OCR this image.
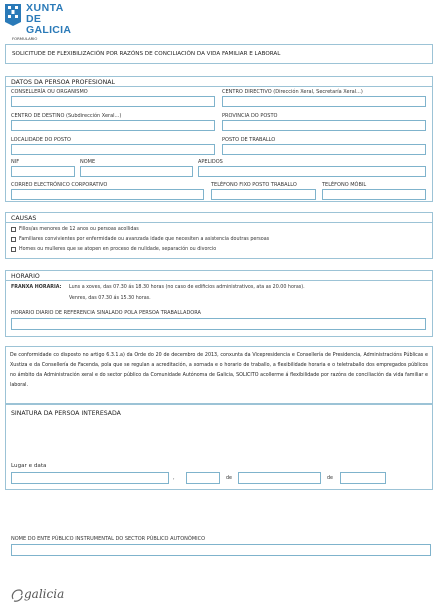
XUNTA
DE GALICIA
FORMULARIO
SOLICITUDE DE FLEXIBILIZACIÓN POR RAZÓNS DE CONCILIACIÓN DA VIDA FAMILIAR E LABORAL
DATOS DA PERSOA PROFESIONAL
CONSELLERÍA OU ORGANISMO	CENTRO DIRECTIVO (Dirección Xeral, Secretaría Xeral...)
CENTRO DE DESTINO (Subdirección Xeral...)	PROVINCIA DO POSTO
LOCALIDADE DO POSTO	POSTO DE TRABALLO
NIF	NOME	APELIDOS
CORREO ELECTRÓNICO CORPORATIVO	TELÉFONO FIXO POSTO TRABALLO	TELÉFONO MÓBIL
CAUSAS
Fillos/as menores de 12 anos ou persoas acollidas
Familiares convivientes por enfermidade ou avanzada idade que necesiten a asistencia doutras persoas
Homes ou mulleres que se atopen en proceso de nulidade, separación ou divorcio
HORARIO
FRANXA HORARIA: Luns a xoves, das 07.30 ás 18.30 horas (no caso de edificios administrativos, ata as 20.00 horas).
Venres, das 07.30 ás 15.30 horas.
HORARIO DIARIO DE REFERENCIA SINALADO POLA PERSOA TRABALLADORA
De conformidade co disposto no artigo 6.3.1.a) da Orde do 20 de decembro de 2013, conxunta da Vicepresidencia e Consellería de Presidencia, Administracións Públicas e Xustiza e da Consellería de Facenda, pola que se regulan a acreditación, a xornada e o horario de traballo, a flexibilidade horaria e o teletraballo dos empregados públicos no ámbito da Administración xeral e do sector público da Comunidade Autónoma de Galicia, SOLICITO acollerme á flexibilidade por razóns de conciliación da vida familiar e laboral.
SINATURA DA PERSOA INTERESADA
Lugar e data
,	de	de
NOME DO ENTE PÚBLICO INSTRUMENTAL DO SECTOR PÚBLICO AUTONÓMICO
galicia
